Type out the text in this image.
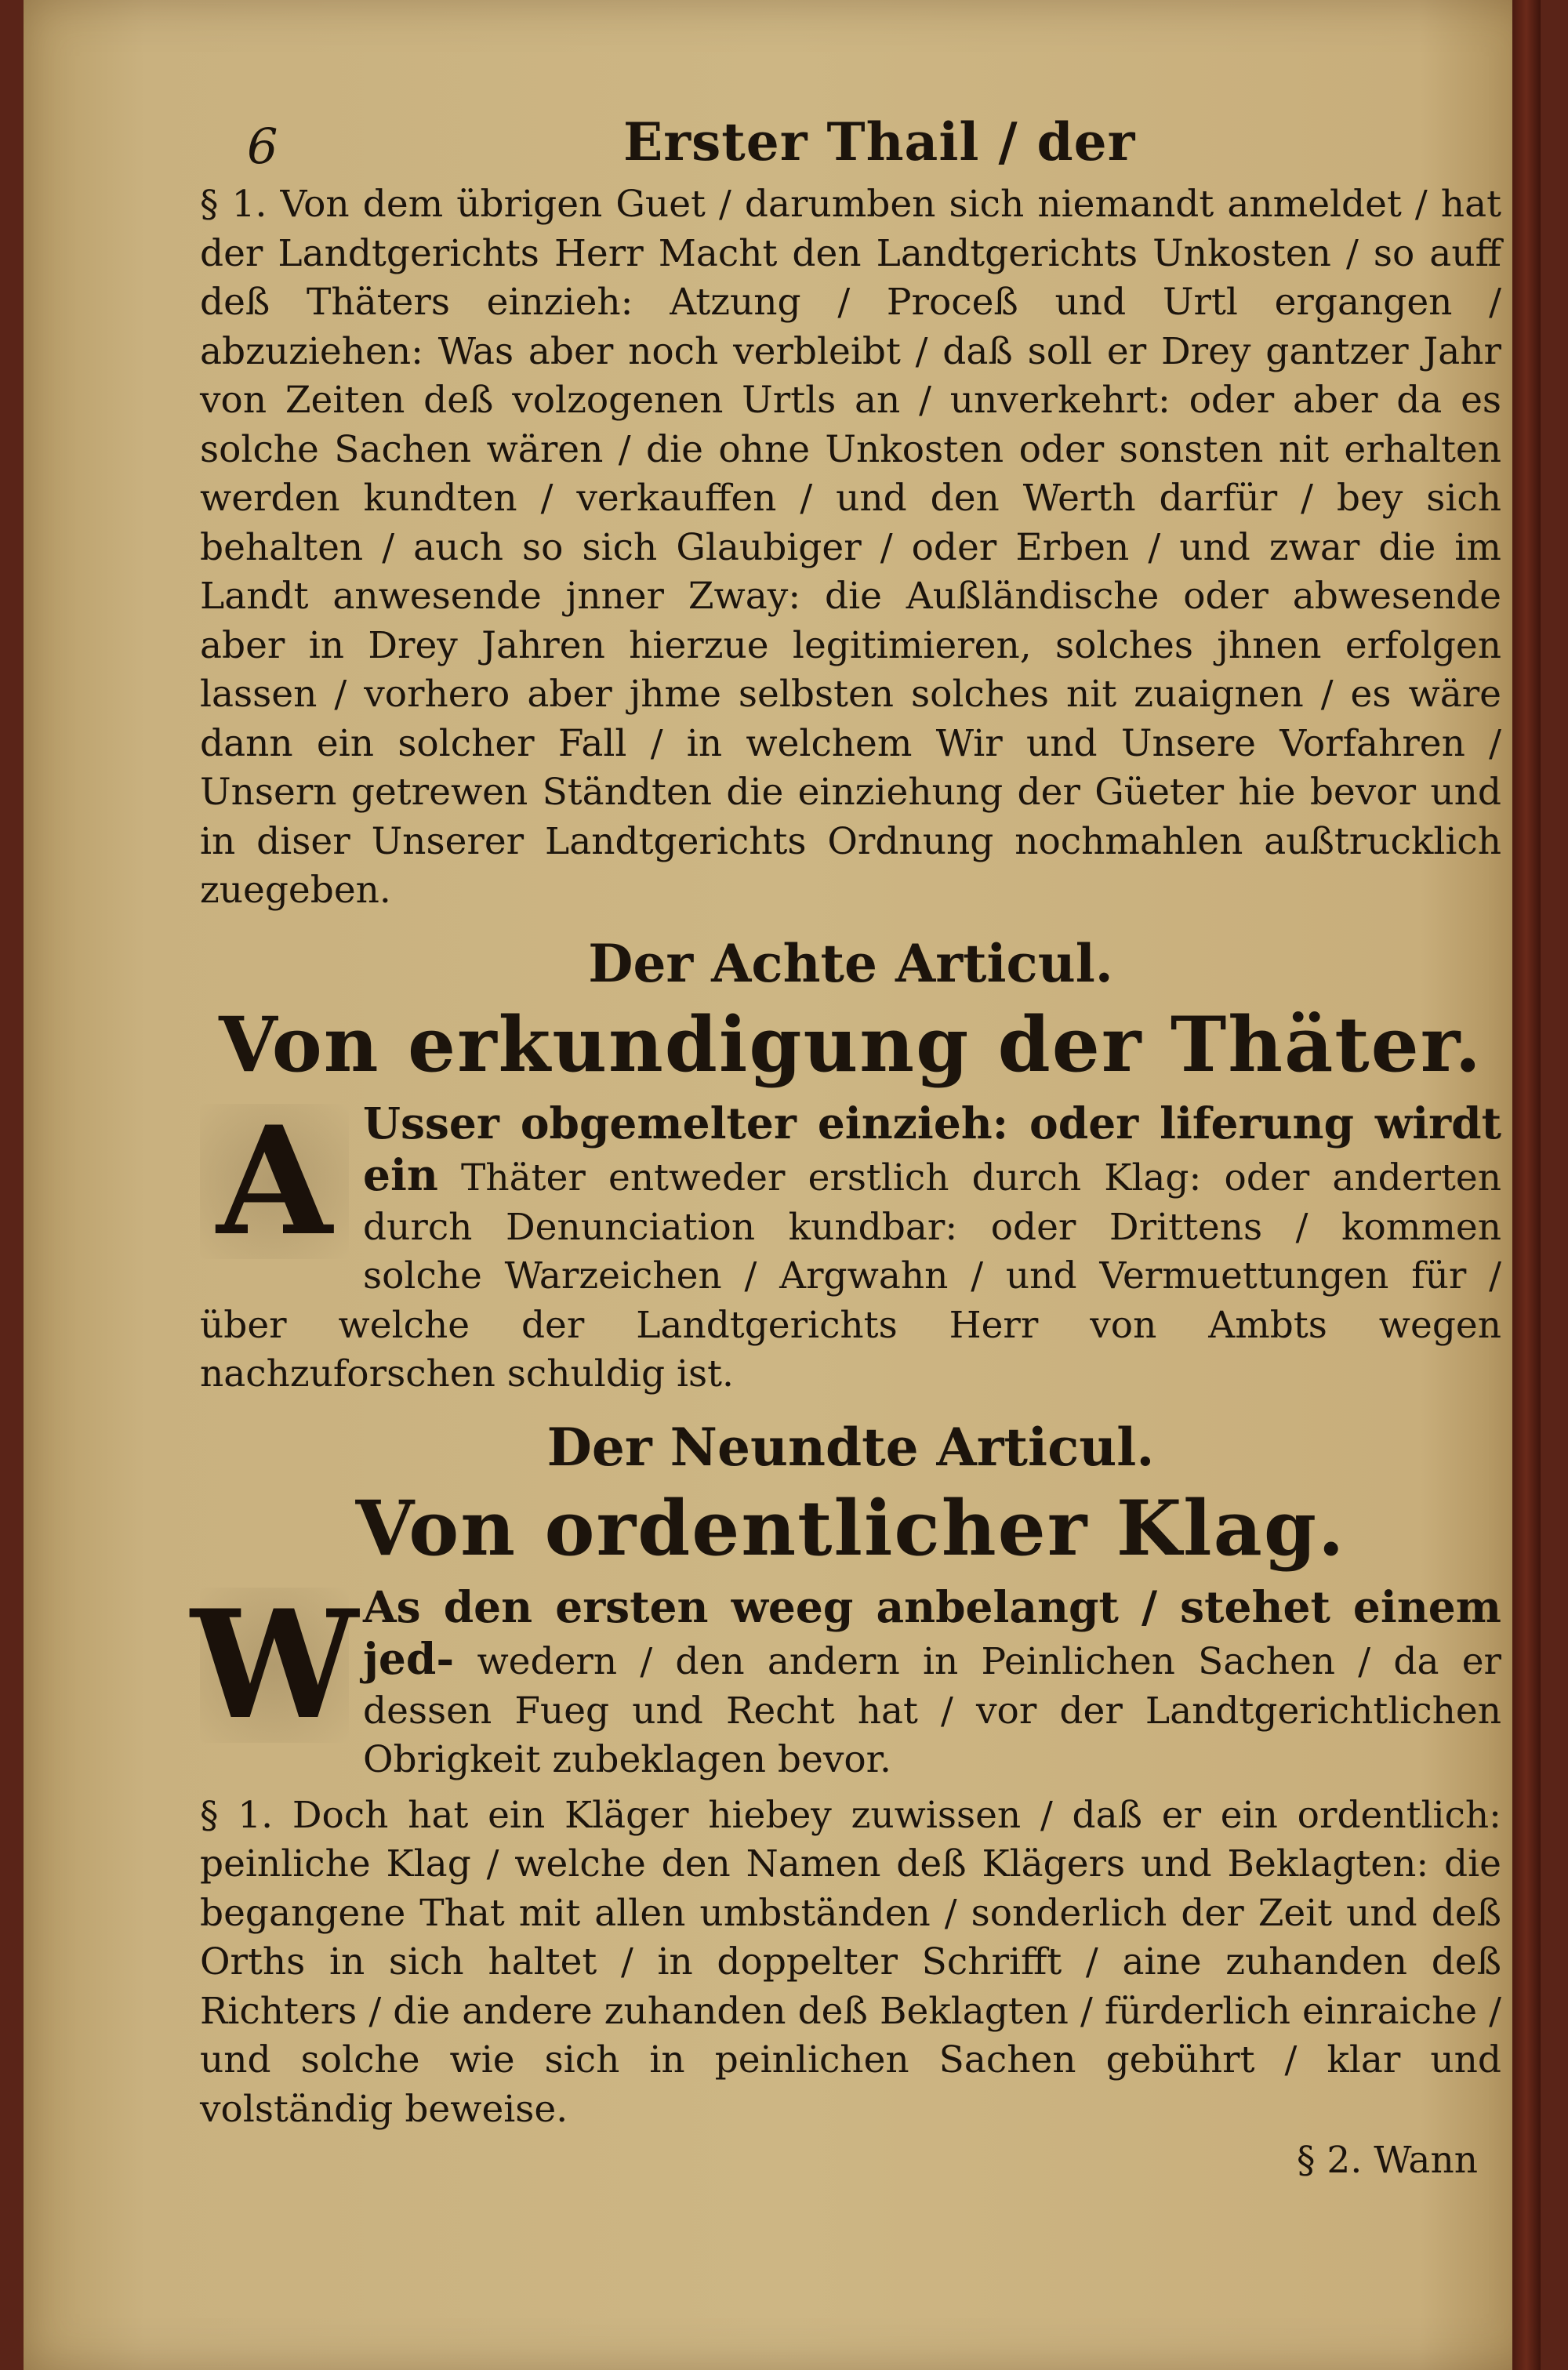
6	Erster Thail / der

§ 1. Von dem übrigen Guet / darumben sich niemandt anmeldet / hat der Landtgerichts Herr Macht den Landtgerichts Unkosten / so auff deß Thäters einzieh: Atzung / Proceß und Urtl ergangen / abzuziehen: Was aber noch verbleibt / daß soll er Drey gantzer Jahr von Zeiten deß volzogenen Urtls an / unverkehrt: oder aber da es solche Sachen wären / die ohne Unkosten oder sonsten nit erhalten werden kundten / verkauffen / und den Werth darfür / bey sich behalten / auch so sich Glaubiger / oder Erben / und zwar die im Landt anwesende jnner Zway: die Außländische oder abwesende aber in Drey Jahren hierzue legitimieren, solches jhnen erfolgen lassen / vorhero aber jhme selbsten solches nit zuaignen / es wäre dann ein solcher Fall / in welchem Wir und Unsere Vorfahren / Unsern getrewen Ständten die einziehung der Güeter hie bevor und in diser Unserer Landtgerichts Ordnung nochmahlen außtrucklich zuegeben.

Der Achte Articul.
Von erkundigung der Thäter.
A Usser obgemelter einzieh: oder liferung wirdt ein Thäter entweder erstlich durch Klag: oder anderten durch Denunciation kundbar: oder Drittens / kommen solche Warzeichen / Argwahn / und Vermuettungen für / über welche der Landtgerichts Herr von Ambts wegen nachzuforschen schuldig ist.

Der Neundte Articul.
Von ordentlicher Klag.
W As den ersten weeg anbelangt / stehet einem jed- wedern / den andern in Peinlichen Sachen / da er dessen Fueg und Recht hat / vor der Landtgerichtlichen Obrigkeit zubeklagen bevor.

§ 1. Doch hat ein Kläger hiebey zuwissen / daß er ein ordentlich: peinliche Klag / welche den Namen deß Klägers und Beklagten: die begangene That mit allen umbständen / sonderlich der Zeit und deß Orths in sich haltet / in doppelter Schrifft / aine zuhanden deß Richters / die andere zuhanden deß Beklagten / fürderlich einraiche / und solche wie sich in peinlichen Sachen gebührt / klar und volständig beweise.

§ 2. Wann
